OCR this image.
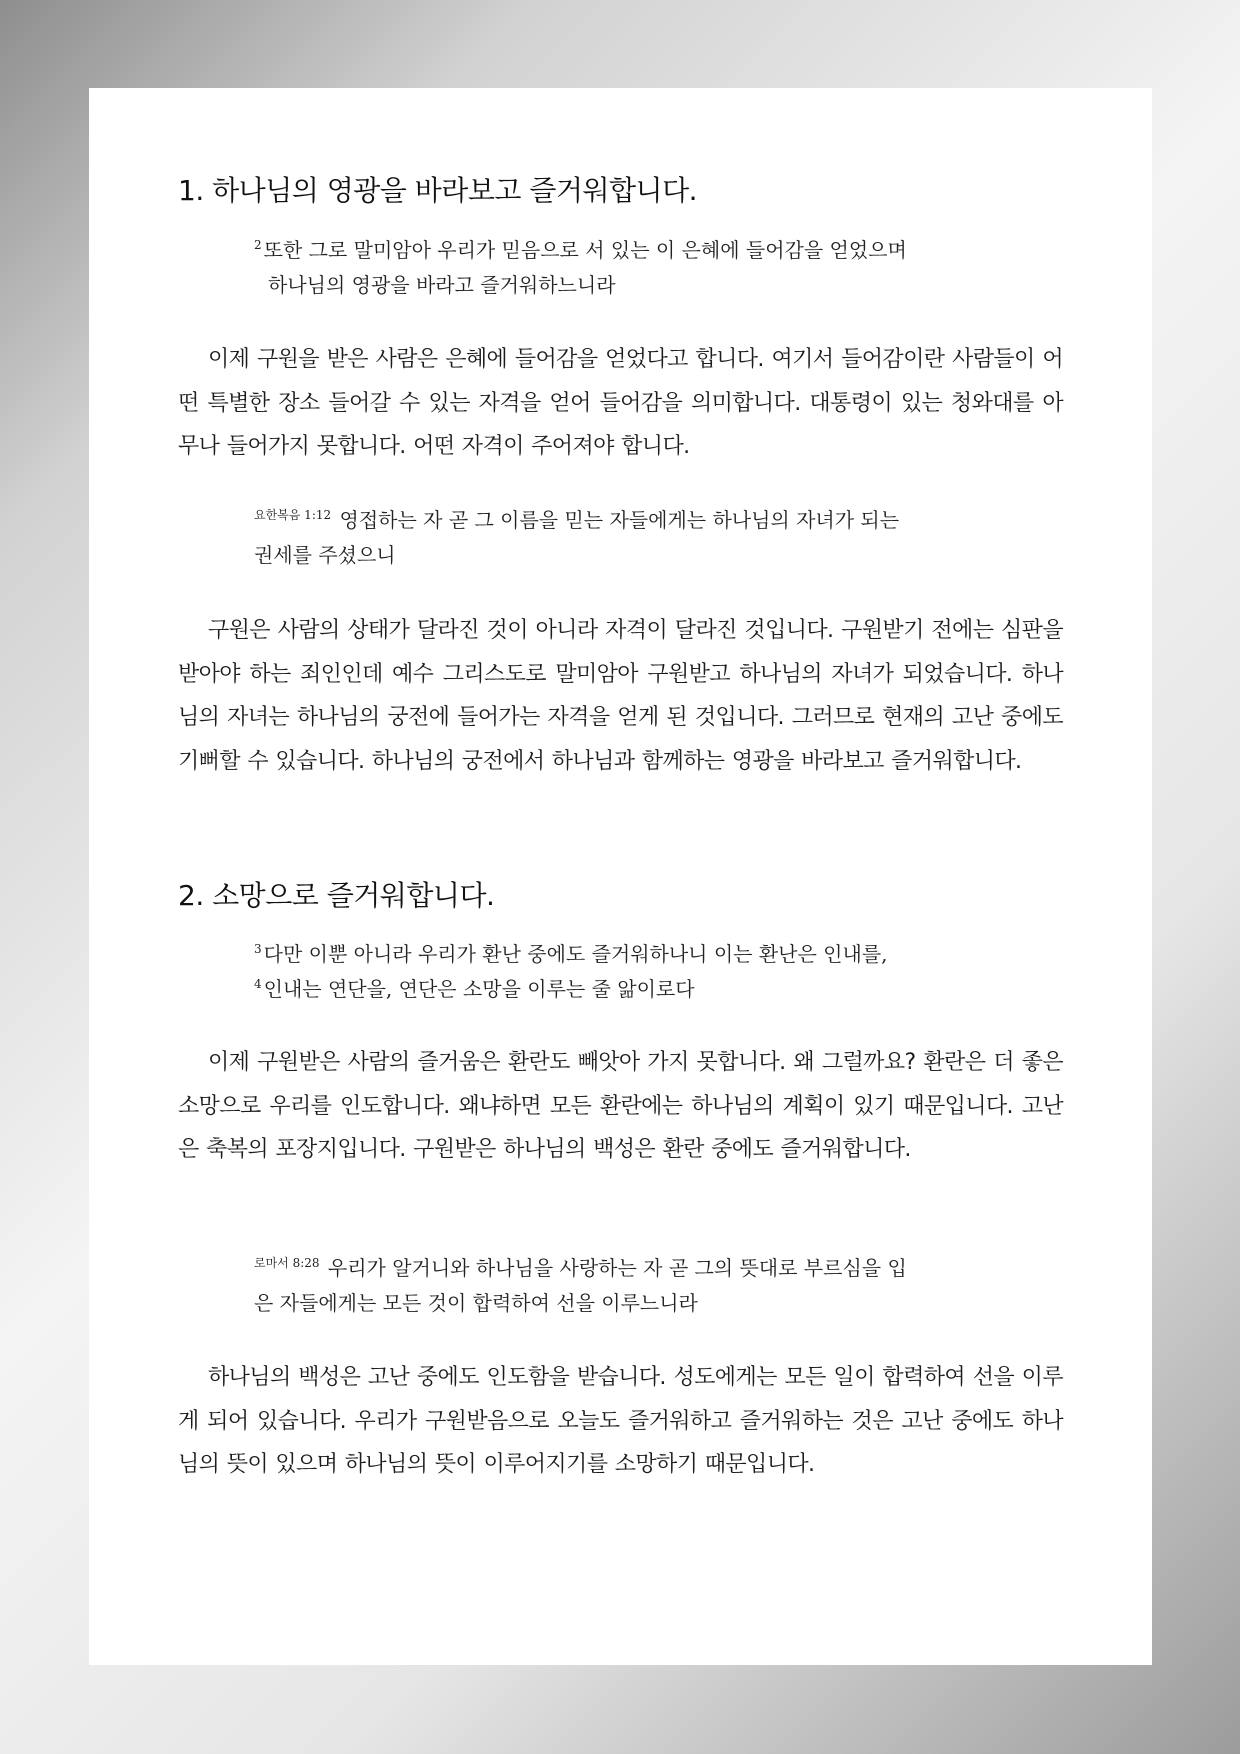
1. 하나님의 영광을 바라보고 즐거워합니다.
$^2$ 또한 그로 말미암아 우리가 믿음으로 서 있는 이 은혜에 들어감을 얻었으며
하나님의 영광을 바라고 즐거워하느니라

이제 구원을 받은 사람은 은혜에 들어감을 얻었다고 합니다. 여기서 들어감이란 사람들이 어떤 특별한 장소 들어갈 수 있는 자격을 얻어 들어감을 의미합니다. 대통령이 있는 청와대를 아무나 들어가지 못합니다. 어떤 자격이 주어져야 합니다.

$^{요한복음 1:12}$ 영접하는 자 곧 그 이름을 믿는 자들에게는 하나님의 자녀가 되는
권세를 주셨으니

구원은 사람의 상태가 달라진 것이 아니라 자격이 달라진 것입니다. 구원받기 전에는 심판을 받아야 하는 죄인인데 예수 그리스도로 말미암아 구원받고 하나님의 자녀가 되었습니다. 하나님의 자녀는 하나님의 궁전에 들어가는 자격을 얻게 된 것입니다. 그러므로 현재의 고난 중에도 기뻐할 수 있습니다. 하나님의 궁전에서 하나님과 함께하는 영광을 바라보고 즐거워합니다.

2. 소망으로 즐거워합니다.
$^3$ 다만 이뿐 아니라 우리가 환난 중에도 즐거워하나니 이는 환난은 인내를,
$^4$ 인내는 연단을, 연단은 소망을 이루는 줄 앎이로다

이제 구원받은 사람의 즐거움은 환란도 빼앗아 가지 못합니다. 왜 그럴까요? 환란은 더 좋은 소망으로 우리를 인도합니다. 왜냐하면 모든 환란에는 하나님의 계획이 있기 때문입니다. 고난은 축복의 포장지입니다. 구원받은 하나님의 백성은 환란 중에도 즐거워합니다.

$^{로마서 8:28}$ 우리가 알거니와 하나님을 사랑하는 자 곧 그의 뜻대로 부르심을 입
은 자들에게는 모든 것이 합력하여 선을 이루느니라

하나님의 백성은 고난 중에도 인도함을 받습니다. 성도에게는 모든 일이 합력하여 선을 이루게 되어 있습니다. 우리가 구원받음으로 오늘도 즐거워하고 즐거워하는 것은 고난 중에도 하나님의 뜻이 있으며 하나님의 뜻이 이루어지기를 소망하기 때문입니다.
